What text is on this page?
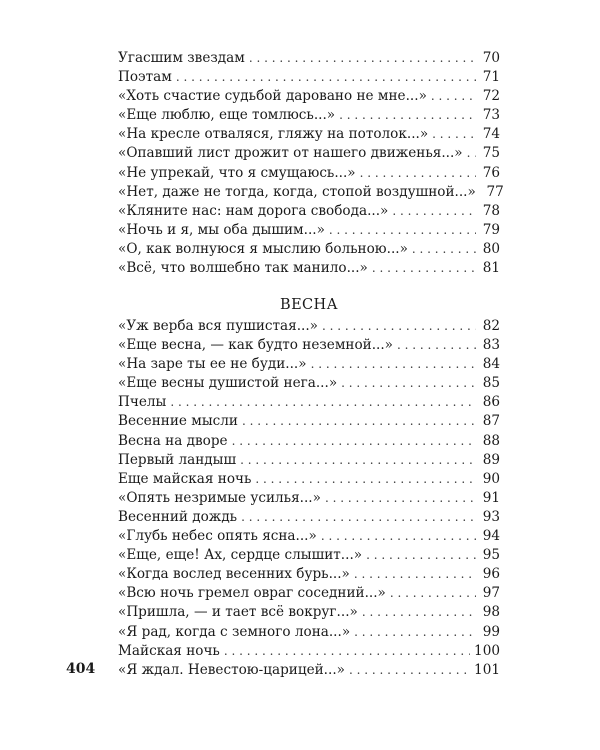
Угасшим звездам . . .	70
Поэтам . . .	71
«Хоть счастие судьбой даровано не мне...» . . .	72
«Еще люблю, еще томлюсь...» . . .	73
«На кресле отваляся, гляжу на потолок...» . . .	74
«Опавший лист дрожит от нашего движенья...» . . .	75
«Не упрекай, что я смущаюсь...» . . .	76
«Нет, даже не тогда, когда, стопой воздушной...» 77
«Кляните нас: нам дорога свобода...» . . .	78
«Ночь и я, мы оба дышим...» . . .	79
«О, как волнуюся я мыслию больною...» . . .	80
«Всё, что волшебно так манило...» . . .	81
ВЕСНА
«Уж верба вся пушистая...» . . .	82
«Еще весна, — как будто неземной...» . . .	83
«На заре ты ее не буди...» . . .	84
«Еще весны душистой нега...» . . .	85
Пчелы . . .	86
Весенние мысли . . .	87
Весна на дворе . . .	88
Первый ландыш . . .	89
Еще майская ночь . . .	90
«Опять незримые усилья...» . . .	91
Весенний дождь . . .	93
«Глубь небес опять ясна...» . . .	94
«Еще, еще! Ах, сердце слышит...» . . .	95
«Когда вослед весенних бурь...» . . .	96
«Всю ночь гремел овраг соседний...» . . .	97
«Пришла, — и тает всё вокруг...» . . .	98
«Я рад, когда с земного лона...» . . .	99
Майская ночь . . .	100
«Я ждал. Невестою-царицей...» . . .	101
404
